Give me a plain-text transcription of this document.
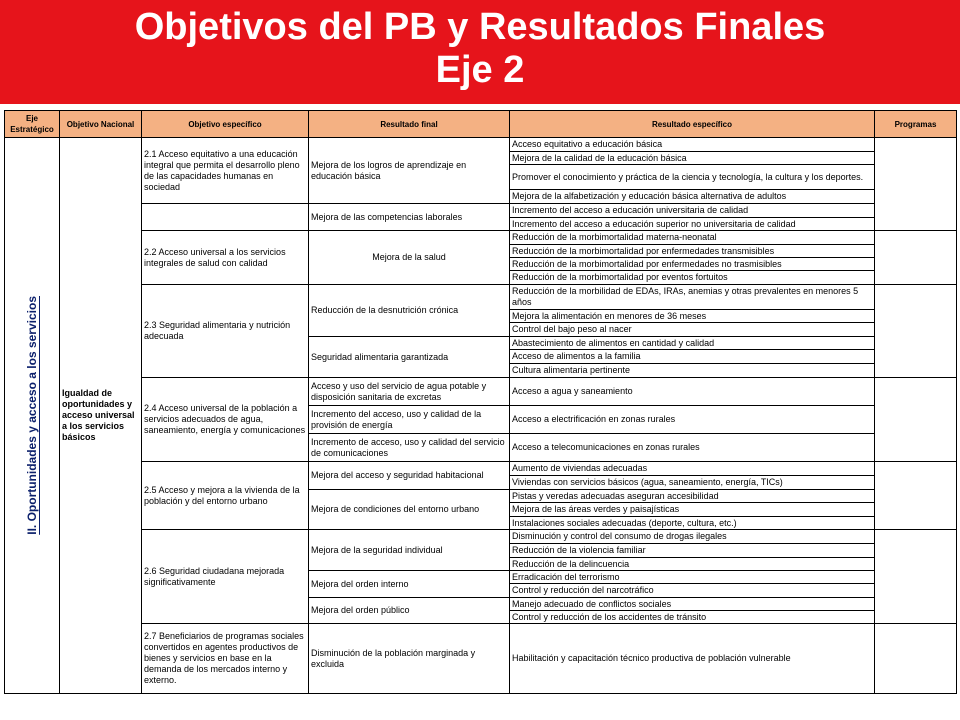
Objetivos del PB y Resultados Finales
Eje 2
Eje Estratégico	Objetivo Nacional	Objetivo específico	Resultado final	Resultado específico	Programas

II. Oportunidades y acceso a los servicios	Igualdad de oportunidades y acceso universal a los servicios básicos	2.1 Acceso equitativo a una educación integral que permita el desarrollo pleno de las capacidades humanas en sociedad	Mejora de los logros de aprendizaje en educación básica	Acceso equitativo a educación básica	
				Mejora de la calidad de la educación básica	
				Promover el conocimiento y práctica de la ciencia y tecnología, la cultura y los deportes.	
				Mejora de la alfabetización y educación básica alternativa de adultos	
			Mejora de las competencias laborales	Incremento del acceso a educación universitaria de calidad	
				Incremento del acceso a educación superior no universitaria de calidad	
		2.2 Acceso universal a los servicios integrales de salud con calidad	Mejora de la salud	Reducción de la morbimortalidad materna-neonatal	
				Reducción de la morbimortalidad por enfermedades transmisibles	
				Reducción de la morbimortalidad por enfermedades no trasmisibles	
				Reducción de la morbimortalidad por eventos fortuitos	
		2.3 Seguridad alimentaria y nutrición adecuada	Reducción de la desnutrición crónica	Reducción de la morbilidad de EDAs, IRAs, anemias y otras prevalentes en menores 5 años	
				Mejora la alimentación en menores de 36 meses	
				Control del bajo peso al nacer	
			Seguridad alimentaria garantizada	Abastecimiento de alimentos en cantidad y calidad	
				Acceso de alimentos a la familia	
				Cultura alimentaria pertinente	
		2.4 Acceso universal de la población a servicios adecuados de agua, saneamiento, energía y comunicaciones	Acceso y uso del servicio de agua potable y disposición sanitaria de excretas	Acceso a agua y saneamiento	
			Incremento del acceso, uso y calidad de la provisión de energía	Acceso a electrificación en zonas rurales	
			Incremento de acceso, uso y calidad del servicio de comunicaciones	Acceso a telecomunicaciones en zonas rurales	
		2.5 Acceso y mejora a la vivienda de la población y del entorno urbano	Mejora del acceso y seguridad habitacional	Aumento de viviendas adecuadas	
				Viviendas con servicios básicos (agua, saneamiento, energía, TICs)	
			Mejora de condiciones del entorno urbano	Pistas y veredas adecuadas aseguran accesibilidad	
				Mejora de las áreas verdes y paisajísticas	
				Instalaciones sociales adecuadas (deporte, cultura, etc.)	
		2.6 Seguridad ciudadana mejorada significativamente	Mejora de la seguridad individual	Disminución y control del consumo de drogas ilegales	
				Reducción de la violencia familiar	
				Reducción de la delincuencia	
			Mejora del orden interno	Erradicación del terrorismo	
				Control y reducción del narcotráfico	
			Mejora del orden público	Manejo adecuado de conflictos sociales	
				Control y reducción de los accidentes de tránsito	
		2.7 Beneficiarios de programas sociales convertidos en agentes productivos de bienes y servicios en base en la demanda de los mercados interno y externo.	Disminución de la población marginada y excluida	Habilitación y capacitación técnico productiva de población vulnerable	
